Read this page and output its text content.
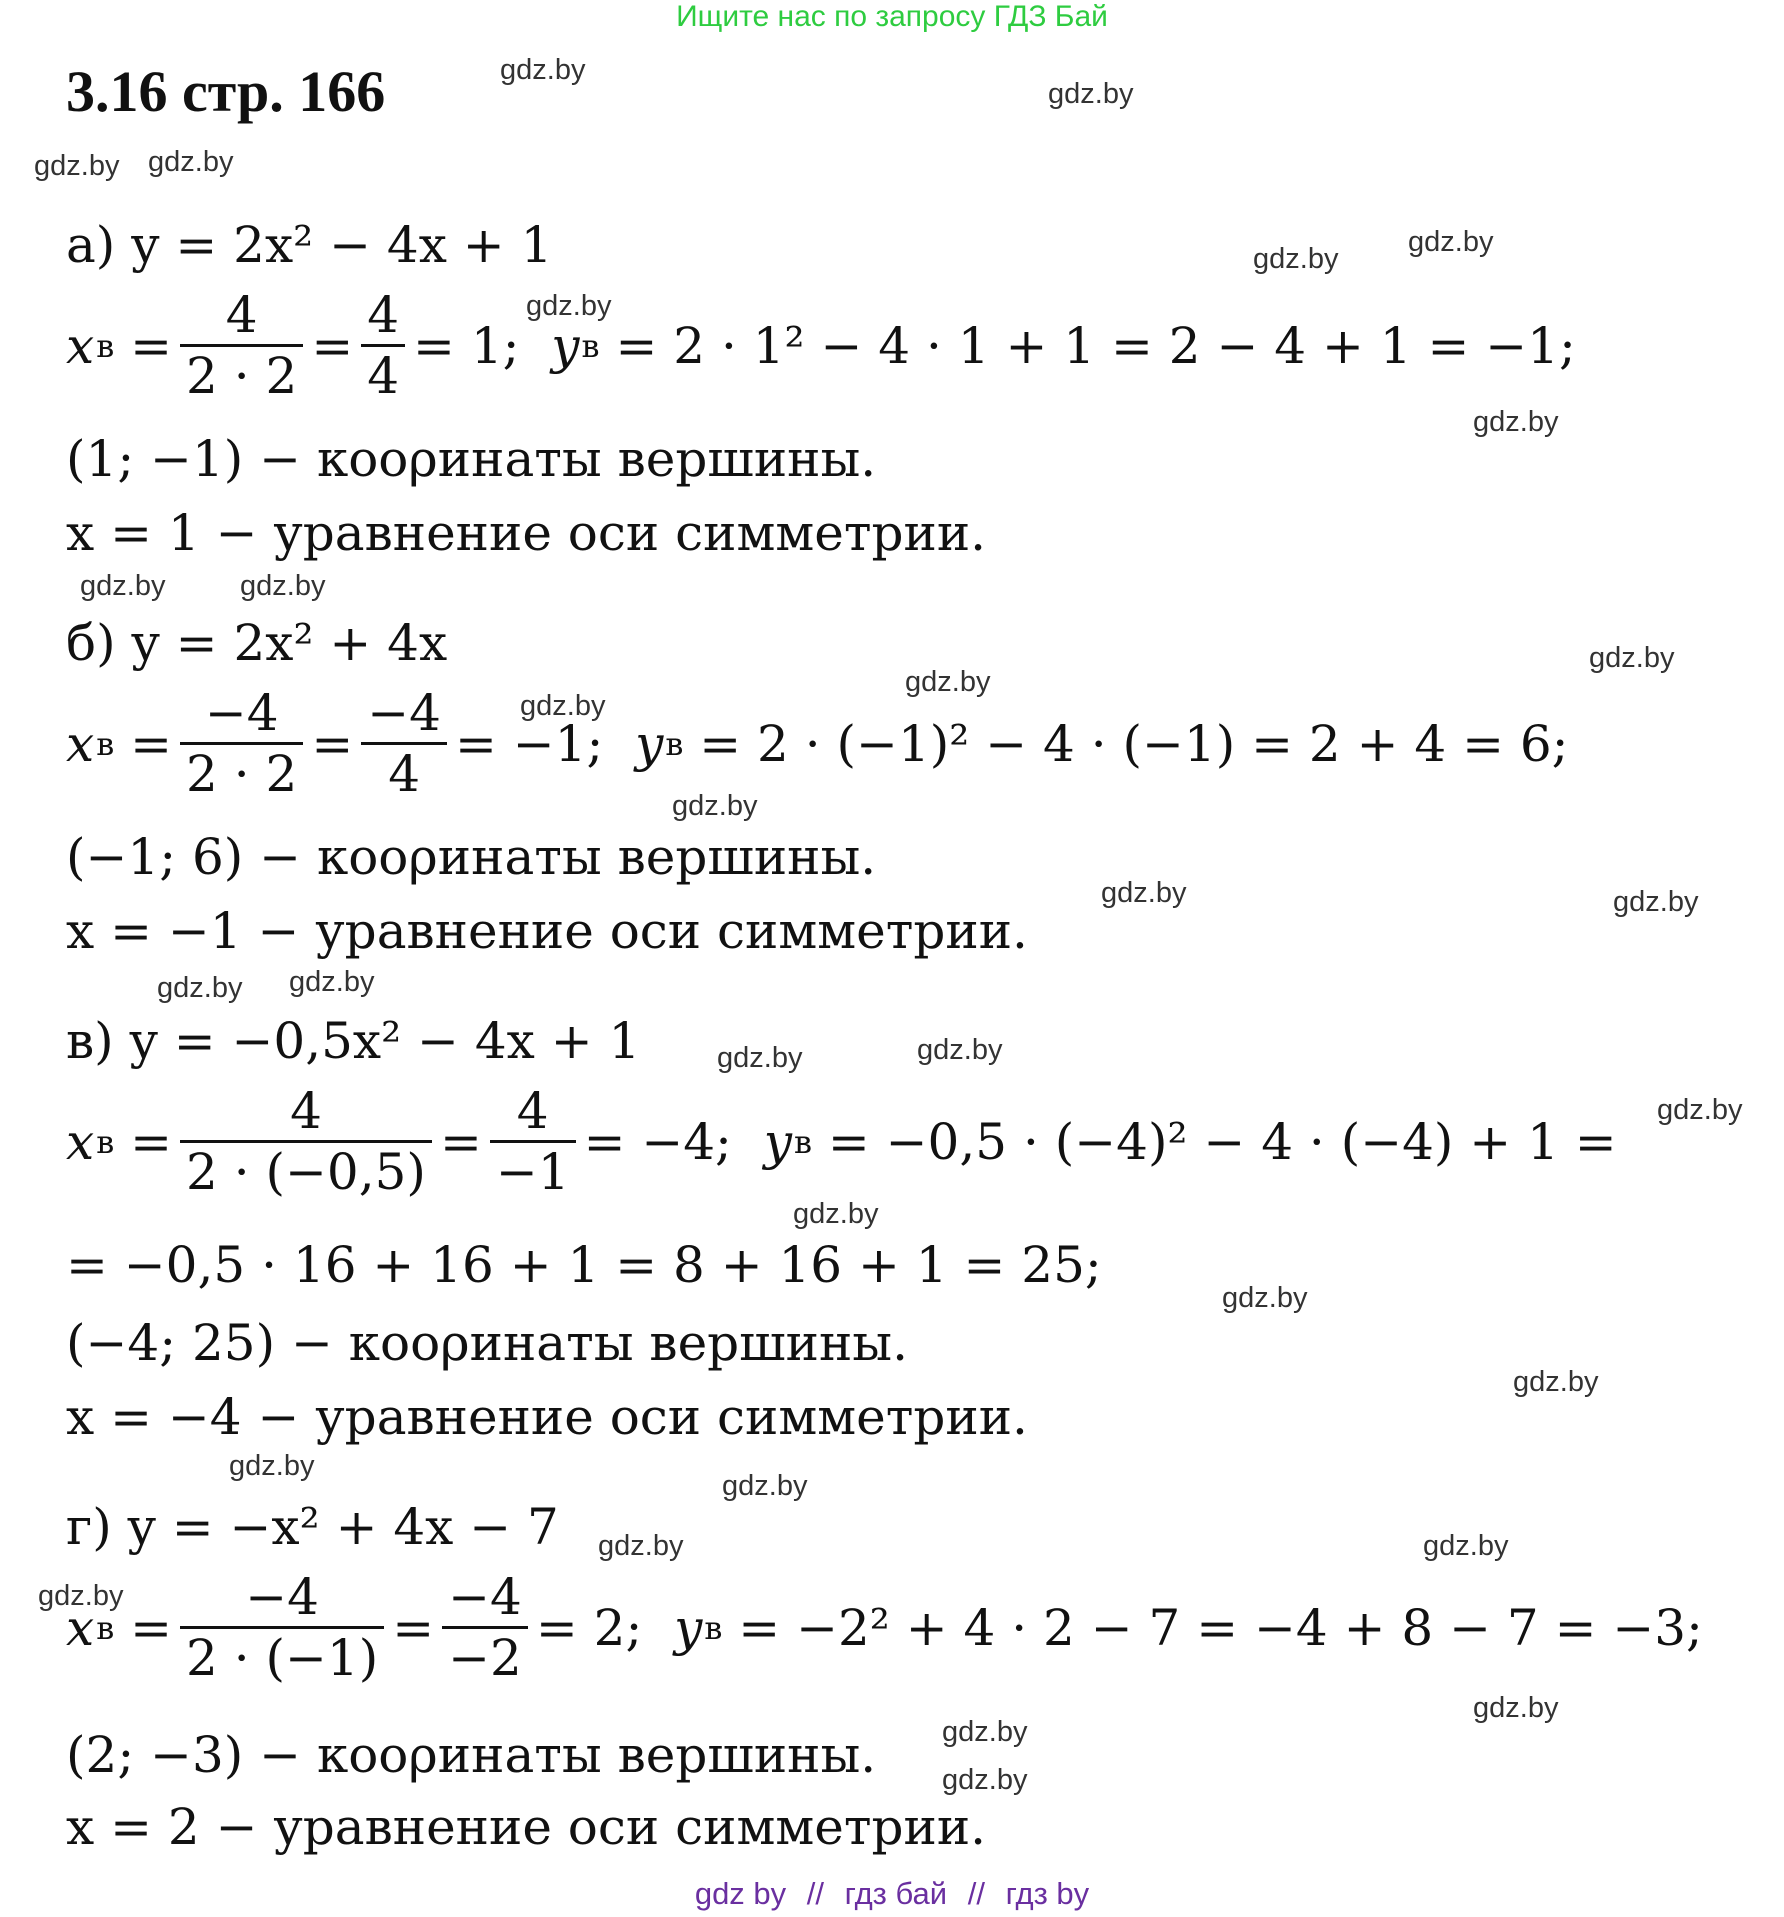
Ищите нас по запросу ГДЗ Бай
3.16 стр. 166	gdz.by
gdz.by
gdz.by gdz.by
gdz.by
gdz.by
gdz.by
gdz.by
gdz.by	gdz.by
gdz.by
gdz.by
gdz.by
gdz.by
gdz.by	gdz.by
gdz.by gdz.by
gdz.by	gdz.by
gdz.by
gdz.by
gdz.by
gdz.by
gdz.by
gdz.by
gdz.by	gdz.by
gdz.by
gdz.by
gdz.by
gdz.by
а) y = 2x² − 4x + 1
x $в = \frac{4}{2 \cdot 2} = \frac{4}{4} = 1$;
y в
= 2 · 1² − 4 · 1 + 1 = 2 − 4 + 1 = −1;
(1; −1) − коορинаты вершины.
x = 1 − уравнение оси симметрии.
б) y = 2x² + 4x
x $в = \frac{-4}{2 \cdot 2} = \frac{-4}{4} = -1$;
y в
= 2 · (−1)² − 4 · (−1) = 2 + 4 = 6;
(−1; 6) − коορинаты вершины.
x = −1 − уравнение оси симметрии.
в) y = −0,5x² − 4x + 1
x $в = \frac{4}{2 \cdot (-0,5)} = \frac{4}{-1} = -4$;
y в
= −0,5 · (−4)² − 4 · (−4) + 1 =
= −0,5 · 16 + 16 + 1 = 8 + 16 + 1 = 25;
(−4; 25) − коορинаты вершины.
x = −4 − уравнение оси симметрии.
г) y = −x² + 4x − 7
x $в = \frac{-4}{2 \cdot (-1)} = \frac{-4}{-2} = 2$;
y в
= −2² + 4 · 2 − 7 = −4 + 8 − 7 = −3;
(2; −3) − коορинаты вершины.
x = 2 − уравнение оси симметрии.
gdz by // гдз бай // гдз by
